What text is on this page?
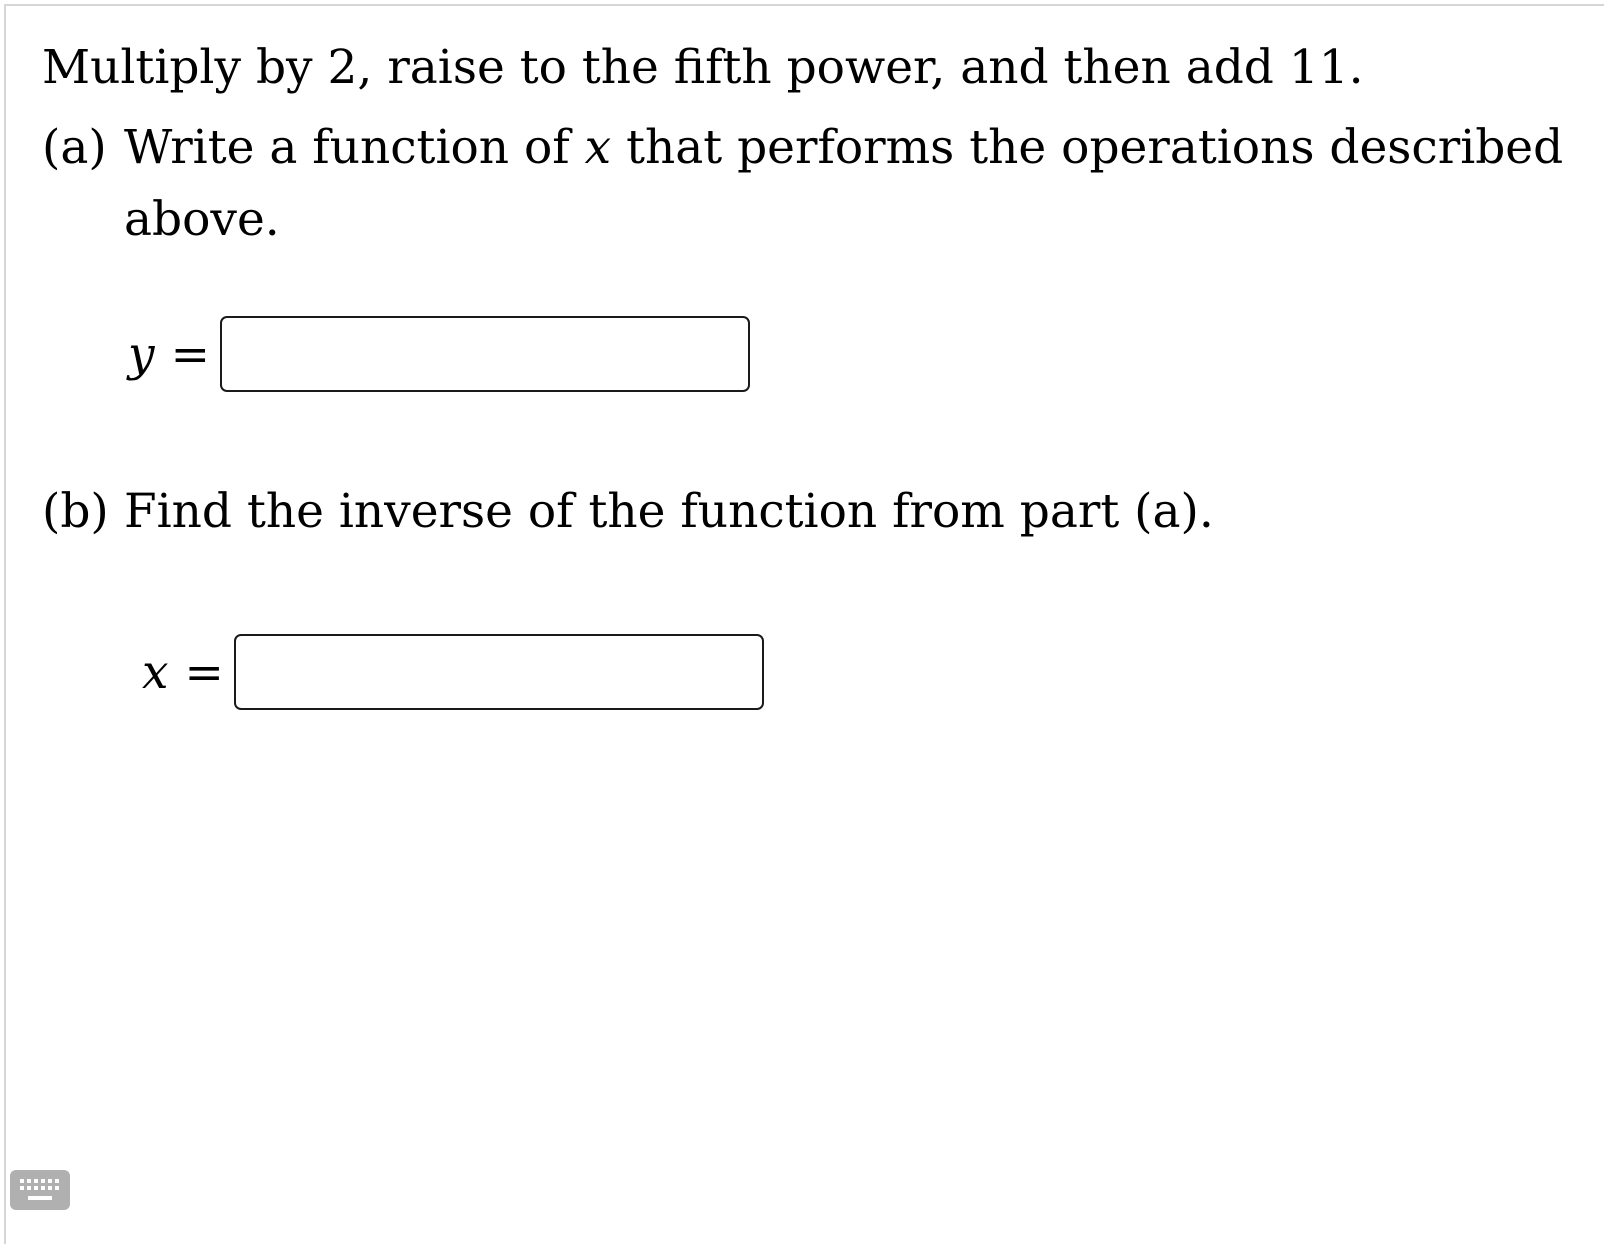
Multiply by 2, raise to the fifth power, and then add 11.
(a) Write a function of x that performs the operations described
above.
y =
(b) Find the inverse of the function from part (a).
x =
